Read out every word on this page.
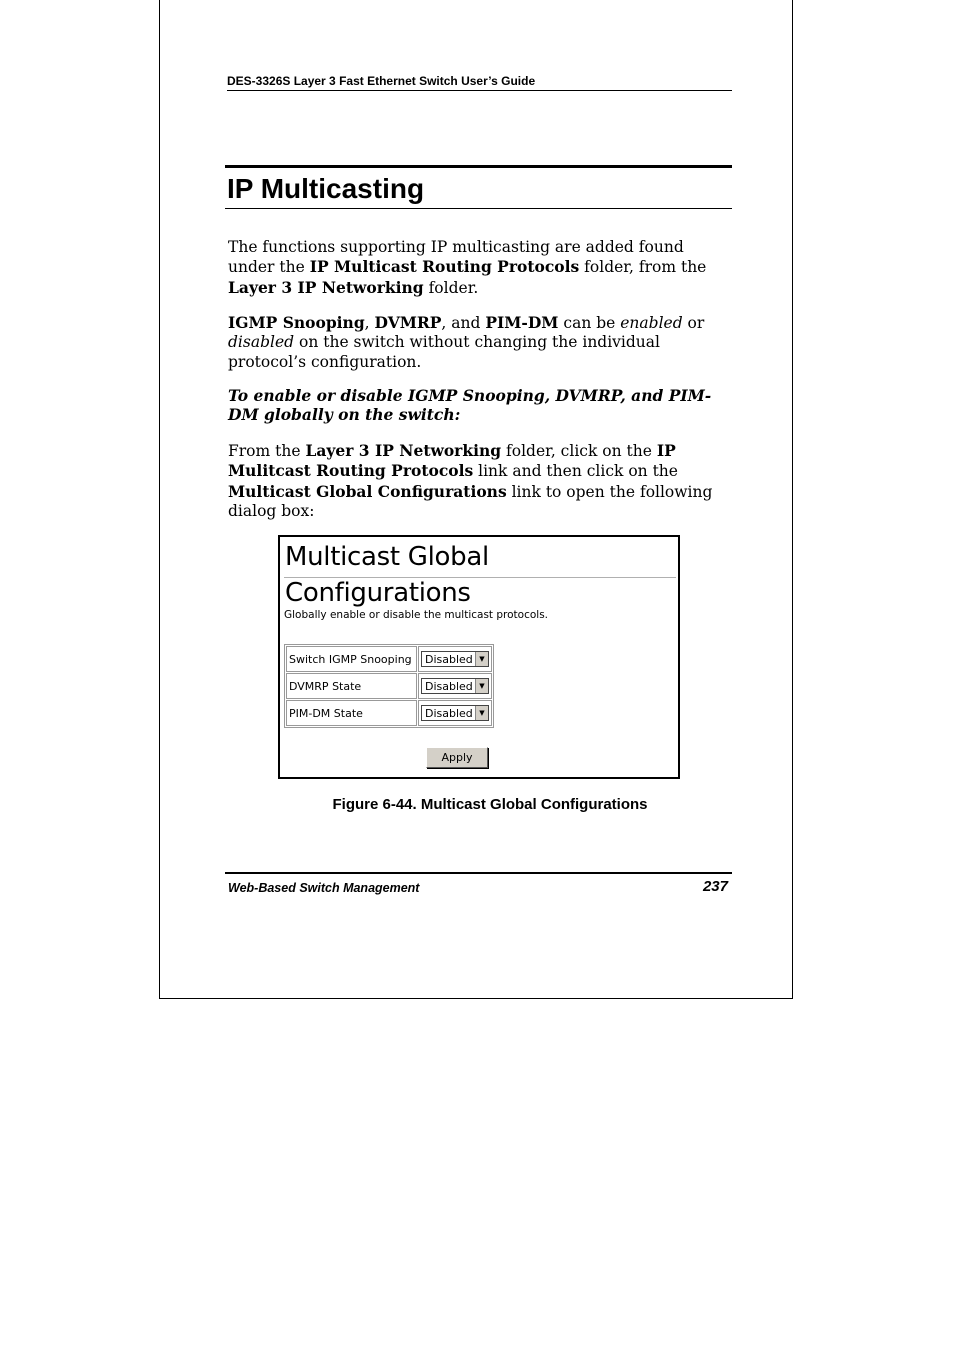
DES-3326S Layer 3 Fast Ethernet Switch User’s Guide
IP Multicasting

The functions supporting IP multicasting are added found under the IP Multicast Routing Protocols folder, from the Layer 3 IP Networking folder.

IGMP Snooping, DVMRP, and PIM-DM can be enabled or disabled on the switch without changing the individual protocol’s configuration.

To enable or disable IGMP Snooping, DVMRP, and PIM-DM globally on the switch:

From the Layer 3 IP Networking folder, click on the IP Mulitcast Routing Protocols link and then click on the Multicast Global Configurations link to open the following dialog box:

Multicast Global Configurations
Globally enable or disable the multicast protocols.
Switch IGMP Snooping	Disabled ▼

DVMRP State	Disabled ▼

PIM-DM State	Disabled ▼
Apply
Figure 6-44. Multicast Global Configurations
Web-Based Switch Management	237
